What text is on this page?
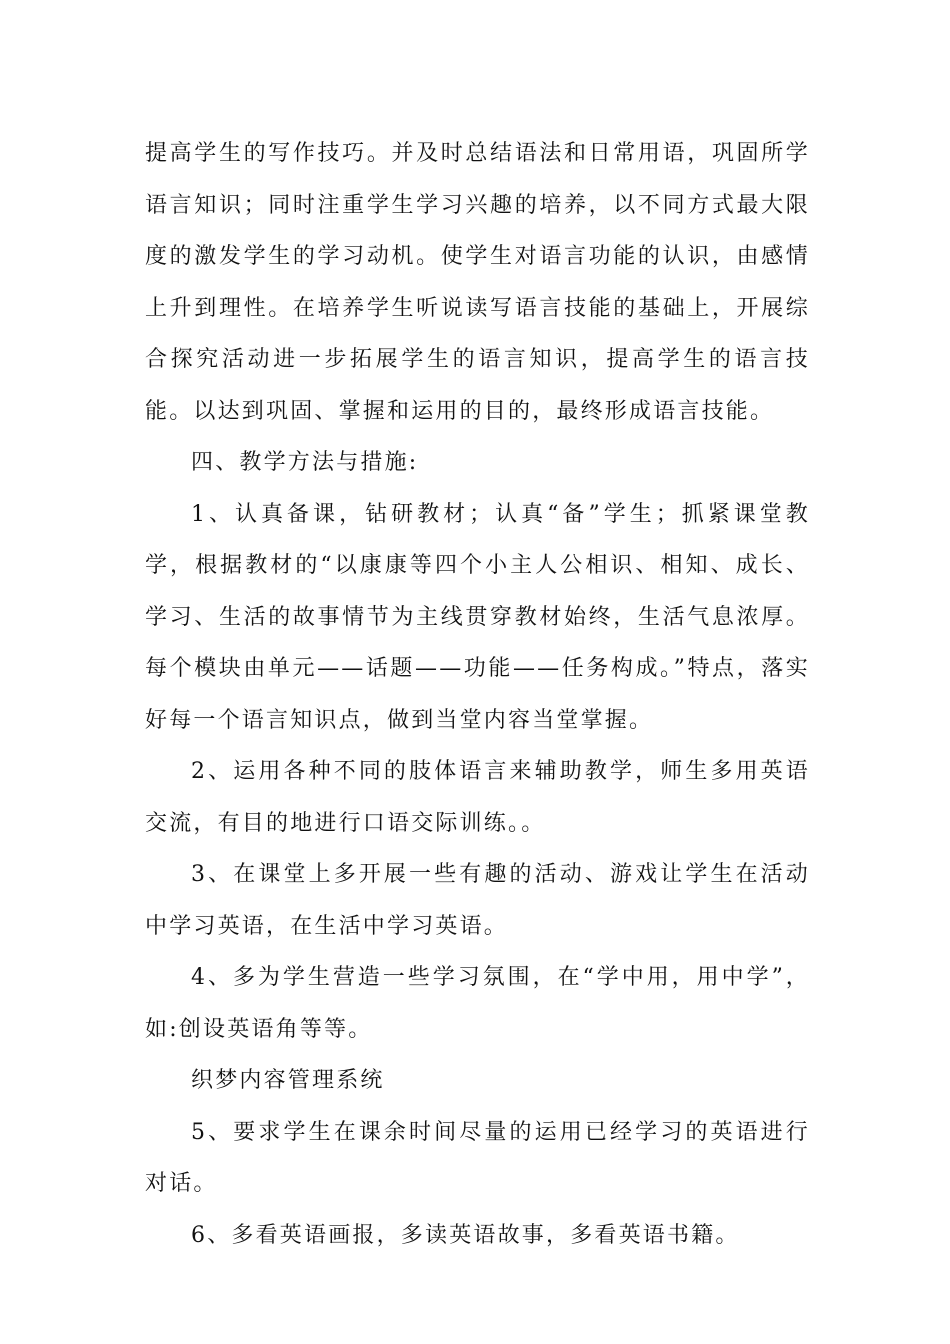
提高学生的写作技巧。并及时总结语法和日常用语，巩固所学语言知识；同时注重学生学习兴趣的培养，以不同方式最大限度的激发学生的学习动机。使学生对语言功能的认识，由感情上升到理性。在培养学生听说读写语言技能的基础上，开展综合探究活动进一步拓展学生的语言知识，提高学生的语言技能。以达到巩固、掌握和运用的目的，最终形成语言技能。

四、教学方法与措施:

1、认真备课，钻研教材；认真“备”学生；抓紧课堂教学，根据教材的“以康康等四个小主人公相识、相知、成长、学习、生活的故事情节为主线贯穿教材始终，生活气息浓厚。每个模块由单元——话题——功能——任务构成。”特点，落实好每一个语言知识点，做到当堂内容当堂掌握。

2、运用各种不同的肢体语言来辅助教学，师生多用英语交流，有目的地进行口语交际训练。。

3、在课堂上多开展一些有趣的活动、游戏让学生在活动中学习英语，在生活中学习英语。

4、多为学生营造一些学习氛围，在“学中用，用中学”，如:创设英语角等等。

织梦内容管理系统

5、要求学生在课余时间尽量的运用已经学习的英语进行对话。

6、多看英语画报，多读英语故事，多看英语书籍。
